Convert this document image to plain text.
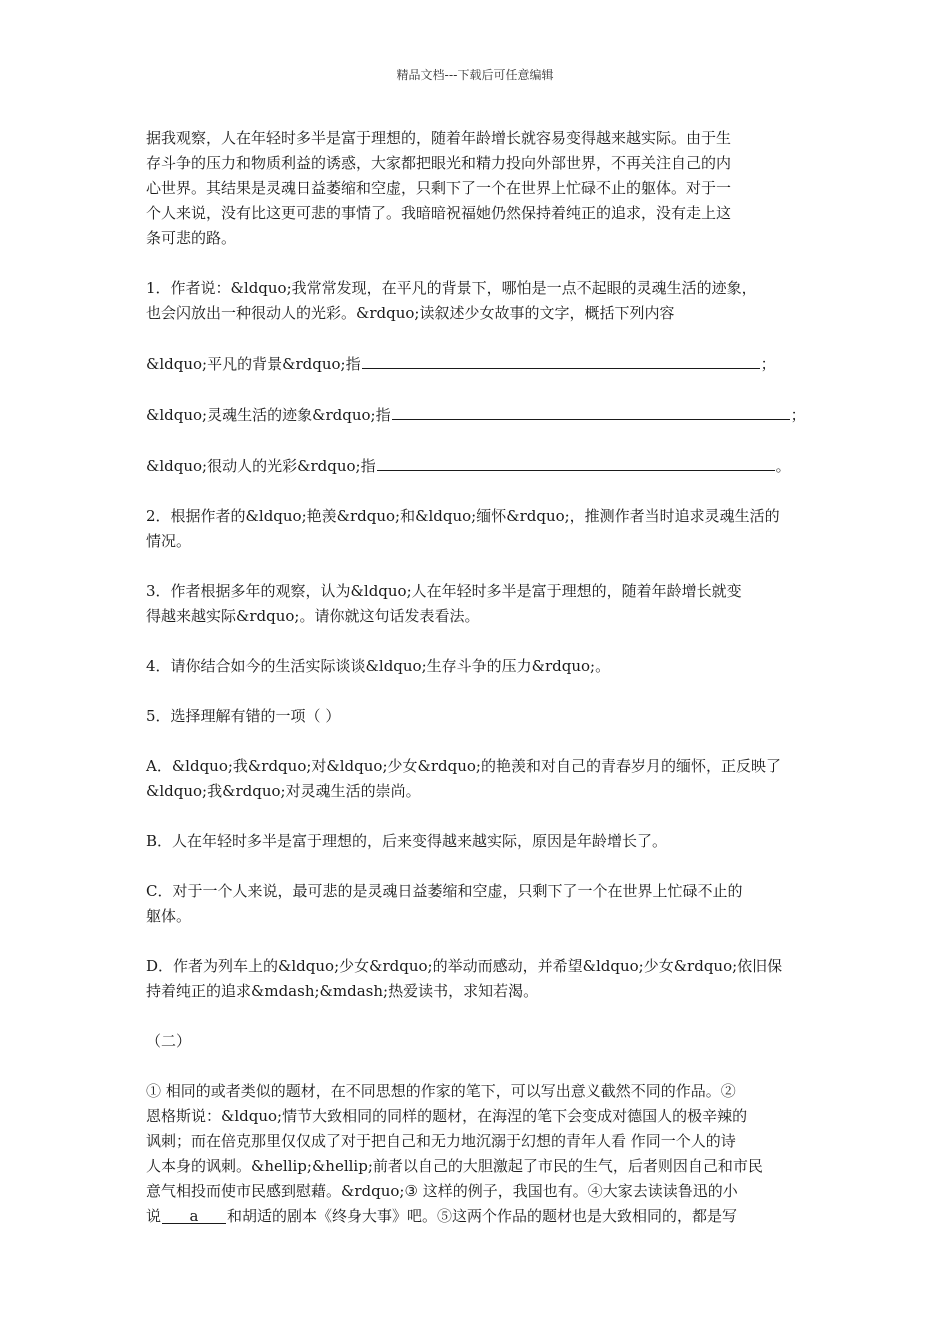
精品文档---下载后可任意编辑

据我观察，人在年轻时多半是富于理想的，随着年龄增长就容易变得越来越实际。由于生

存斗争的压力和物质利益的诱惑，大家都把眼光和精力投向外部世界，不再关注自己的内

心世界。其结果是灵魂日益萎缩和空虚，只剩下了一个在世界上忙碌不止的躯体。对于一

个人来说，没有比这更可悲的事情了。我暗暗祝福她仍然保持着纯正的追求，没有走上这

条可悲的路。

1．作者说：&ldquo;我常常发现，在平凡的背景下，哪怕是一点不起眼的灵魂生活的迹象，

也会闪放出一种很动人的光彩。&rdquo;读叙述少女故事的文字，概括下列内容

&ldquo;平凡的背景&rdquo;指	；

&ldquo;灵魂生活的迹象&rdquo;指	；

&ldquo;很动人的光彩&rdquo;指	。

2．根据作者的&ldquo;艳羡&rdquo;和&ldquo;缅怀&rdquo;，推测作者当时追求灵魂生活的

情况。

3．作者根据多年的观察，认为&ldquo;人在年轻时多半是富于理想的，随着年龄增长就变

得越来越实际&rdquo;。请你就这句话发表看法。

4．请你结合如今的生活实际谈谈&ldquo;生存斗争的压力&rdquo;。

5．选择理解有错的一项（ ）

A．&ldquo;我&rdquo;对&ldquo;少女&rdquo;的艳羡和对自己的青春岁月的缅怀，正反映了

&ldquo;我&rdquo;对灵魂生活的崇尚。

B．人在年轻时多半是富于理想的，后来变得越来越实际，原因是年龄增长了。

C．对于一个人来说，最可悲的是灵魂日益萎缩和空虚，只剩下了一个在世界上忙碌不止的

躯体。

D．作者为列车上的&ldquo;少女&rdquo;的举动而感动，并希望&ldquo;少女&rdquo;依旧保

持着纯正的追求&mdash;&mdash;热爱读书，求知若渴。

（二）

① 相同的或者类似的题材，在不同思想的作家的笔下，可以写出意义截然不同的作品。②

恩格斯说：&ldquo;情节大致相同的同样的题材，在海涅的笔下会变成对德国人的极辛辣的

讽刺；而在倍克那里仅仅成了对于把自己和无力地沉溺于幻想的青年人看 作同一个人的诗

人本身的讽刺。&hellip;&hellip;前者以自己的大胆激起了市民的生气，后者则因自己和市民

意气相投而使市民感到慰藉。&rdquo;③ 这样的例子，我国也有。④大家去读读鲁迅的小

说 a 和胡适的剧本《终身大事》吧。⑤这两个作品的题材也是大致相同的，都是写
